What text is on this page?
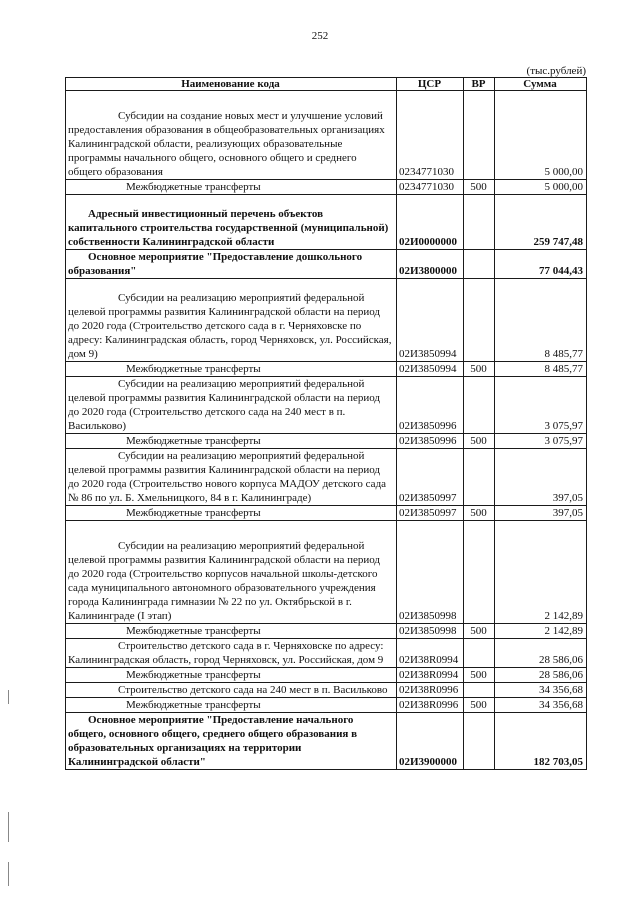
252
(тыс.рублей)
Наименование кода	ЦСР	ВР	Сумма
Субсидии на создание новых мест и улучшение условий предоставления образования в общеобразовательных организациях Калининградской области, реализующих образовательные программы начального общего, основного общего и среднего общего образования	0234771030		5 000,00
Межбюджетные трансферты	0234771030	500	5 000,00
Адресный инвестиционный перечень объектов капитального строительства государственной (муниципальной) собственности Калининградской области	02И0000000		259 747,48
Основное мероприятие "Предоставление дошкольного образования"	02И3800000		77 044,43
Субсидии на реализацию мероприятий федеральной целевой программы развития Калининградской области на период до 2020 года (Строительство детского сада в г. Черняховске по адресу: Калининградская область, город Черняховск, ул. Российская, дом 9)	02И3850994		8 485,77
Межбюджетные трансферты	02И3850994	500	8 485,77
Субсидии на реализацию мероприятий федеральной целевой программы развития Калининградской области на период до 2020 года (Строительство детского сада на 240 мест в п. Васильково)	02И3850996		3 075,97
Межбюджетные трансферты	02И3850996	500	3 075,97
Субсидии на реализацию мероприятий федеральной целевой программы развития Калининградской области на период до 2020 года (Строительство нового корпуса МАДОУ детского сада № 86 по ул. Б. Хмельницкого, 84 в г. Калининграде)	02И3850997		397,05
Межбюджетные трансферты	02И3850997	500	397,05
Субсидии на реализацию мероприятий федеральной целевой программы развития Калининградской области на период до 2020 года (Строительство корпусов начальной школы-детского сада муниципального автономного образовательного учреждения города Калининграда гимназии № 22 по ул. Октябрьской в г. Калининграде (I этап)	02И3850998		2 142,89
Межбюджетные трансферты	02И3850998	500	2 142,89
Строительство детского сада в г. Черняховске по адресу: Калининградская область, город Черняховск, ул. Российская, дом 9	02И38R0994		28 586,06
Межбюджетные трансферты	02И38R0994	500	28 586,06
Строительство детского сада на 240 мест в п. Васильково	02И38R0996		34 356,68
Межбюджетные трансферты	02И38R0996	500	34 356,68
Основное мероприятие "Предоставление начального общего, основного общего, среднего общего образования в образовательных организациях на территории Калининградской области"	02И3900000		182 703,05
